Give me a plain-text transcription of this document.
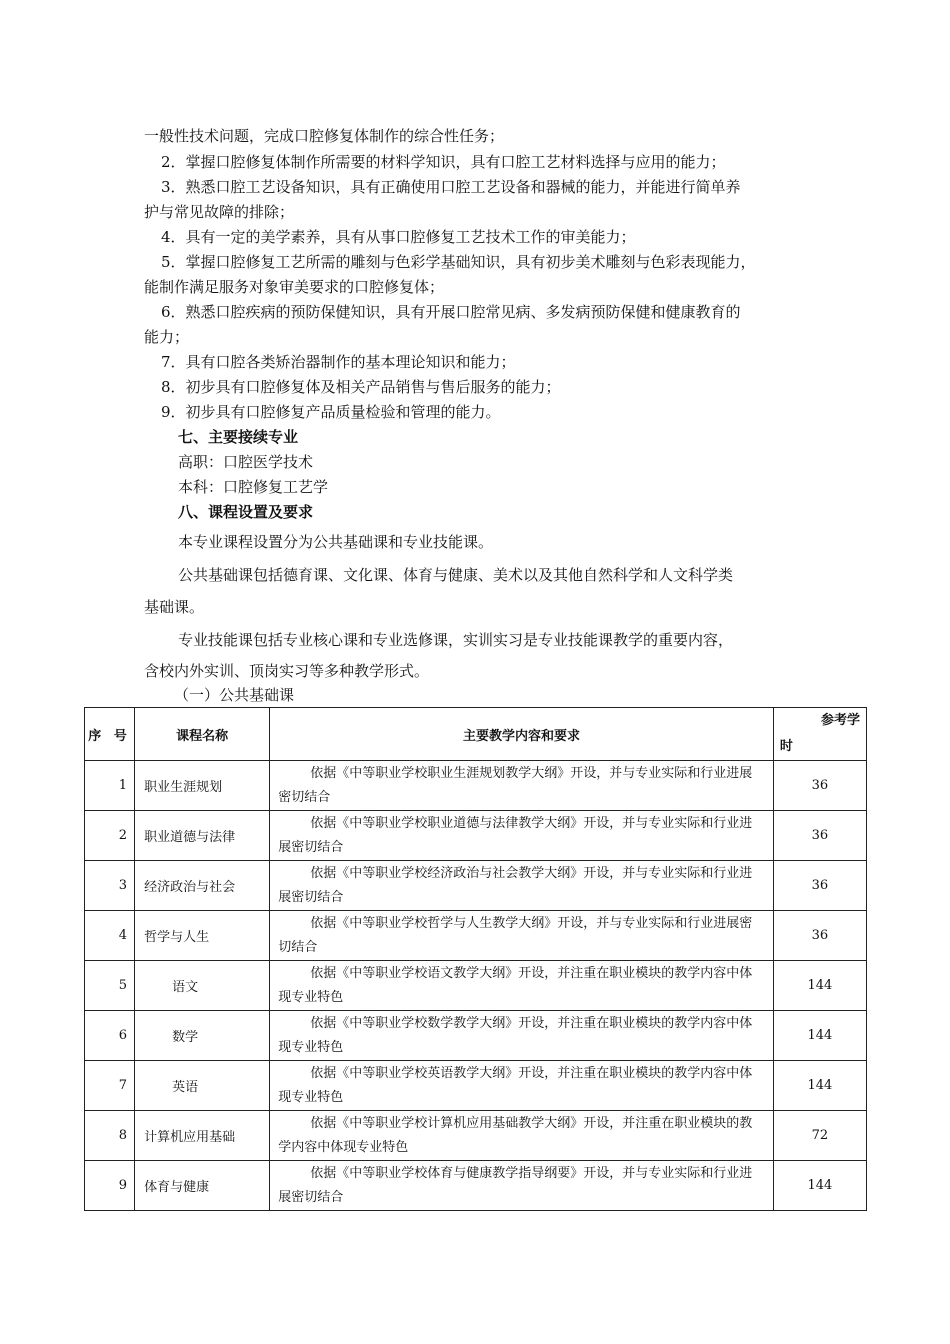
一般性技术问题，完成口腔修复体制作的综合性任务；
2．掌握口腔修复体制作所需要的材料学知识，具有口腔工艺材料选择与应用的能力；
3．熟悉口腔工艺设备知识，具有正确使用口腔工艺设备和器械的能力，并能进行简单养
护与常见故障的排除；
4．具有一定的美学素养，具有从事口腔修复工艺技术工作的审美能力；
5．掌握口腔修复工艺所需的雕刻与色彩学基础知识，具有初步美术雕刻与色彩表现能力，
能制作满足服务对象审美要求的口腔修复体；
6．熟悉口腔疾病的预防保健知识，具有开展口腔常见病、多发病预防保健和健康教育的
能力；
7．具有口腔各类矫治器制作的基本理论知识和能力；
8．初步具有口腔修复体及相关产品销售与售后服务的能力；
9．初步具有口腔修复产品质量检验和管理的能力。
七、主要接续专业
高职：口腔医学技术
本科：口腔修复工艺学
八、课程设置及要求
本专业课程设置分为公共基础课和专业技能课。
公共基础课包括德育课、文化课、体育与健康、美术以及其他自然科学和人文科学类
基础课。
专业技能课包括专业核心课和专业选修课，实训实习是专业技能课教学的重要内容，
含校内外实训、顶岗实习等多种教学形式。
（一）公共基础课
序 号	课程名称	主要教学内容和要求	参考学
时

1	职业生涯规划	依据《中等职业学校职业生涯规划教学大纲》开设，并与专业实际和行业进展密切结合	36
2	职业道德与法律	依据《中等职业学校职业道德与法律教学大纲》开设，并与专业实际和行业进展密切结合	36
3	经济政治与社会	依据《中等职业学校经济政治与社会教学大纲》开设，并与专业实际和行业进展密切结合	36
4	哲学与人生	依据《中等职业学校哲学与人生教学大纲》开设，并与专业实际和行业进展密切结合	36
5	语文	依据《中等职业学校语文教学大纲》开设，并注重在职业模块的教学内容中体现专业特色	144
6	数学	依据《中等职业学校数学教学大纲》开设，并注重在职业模块的教学内容中体现专业特色	144
7	英语	依据《中等职业学校英语教学大纲》开设，并注重在职业模块的教学内容中体现专业特色	144
8	计算机应用基础	依据《中等职业学校计算机应用基础教学大纲》开设，并注重在职业模块的教学内容中体现专业特色	72
9	体育与健康	依据《中等职业学校体育与健康教学指导纲要》开设，并与专业实际和行业进展密切结合	144
